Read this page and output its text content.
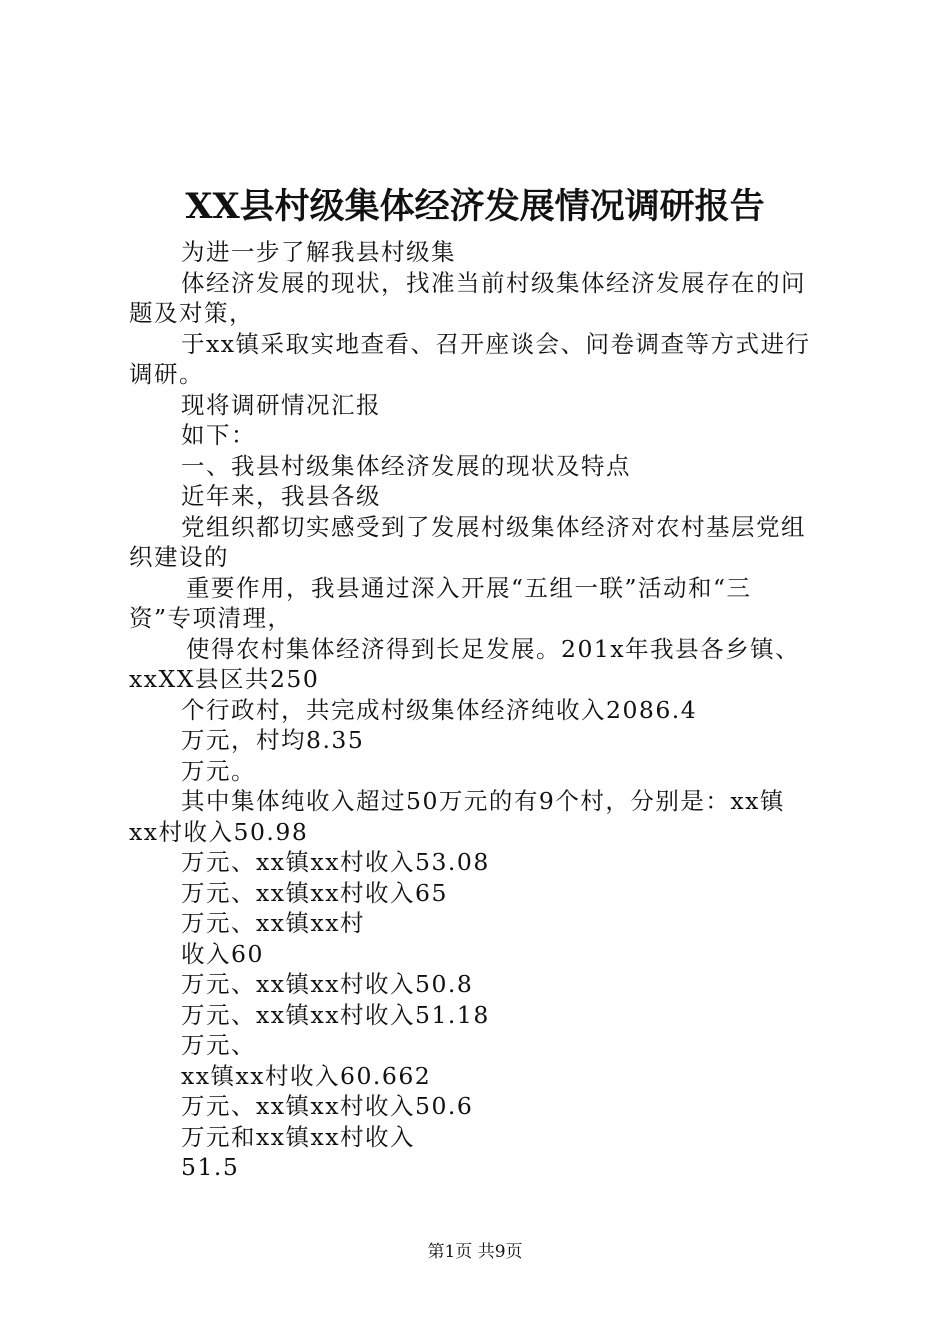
XX县村级集体经济发展情况调研报告
为进一步了解我县村级集
体经济发展的现状，找准当前村级集体经济发展存在的问
题及对策，
于xx镇采取实地查看、召开座谈会、问卷调查等方式进行
调研。
现将调研情况汇报
如下：
一、我县村级集体经济发展的现状及特点
近年来，我县各级
党组织都切实感受到了发展村级集体经济对农村基层党组
织建设的
重要作用，我县通过深入开展“五组一联”活动和“三
资”专项清理，
使得农村集体经济得到长足发展。201x年我县各乡镇、
xxXX县区共250
个行政村，共完成村级集体经济纯收入2086.4
万元，村均8.35
万元。
其中集体纯收入超过50万元的有9个村，分别是：xx镇
xx村收入50.98
万元、xx镇xx村收入53.08
万元、xx镇xx村收入65
万元、xx镇xx村
收入60
万元、xx镇xx村收入50.8
万元、xx镇xx村收入51.18
万元、
xx镇xx村收入60.662
万元、xx镇xx村收入50.6
万元和xx镇xx村收入
51.5
第1页 共9页
